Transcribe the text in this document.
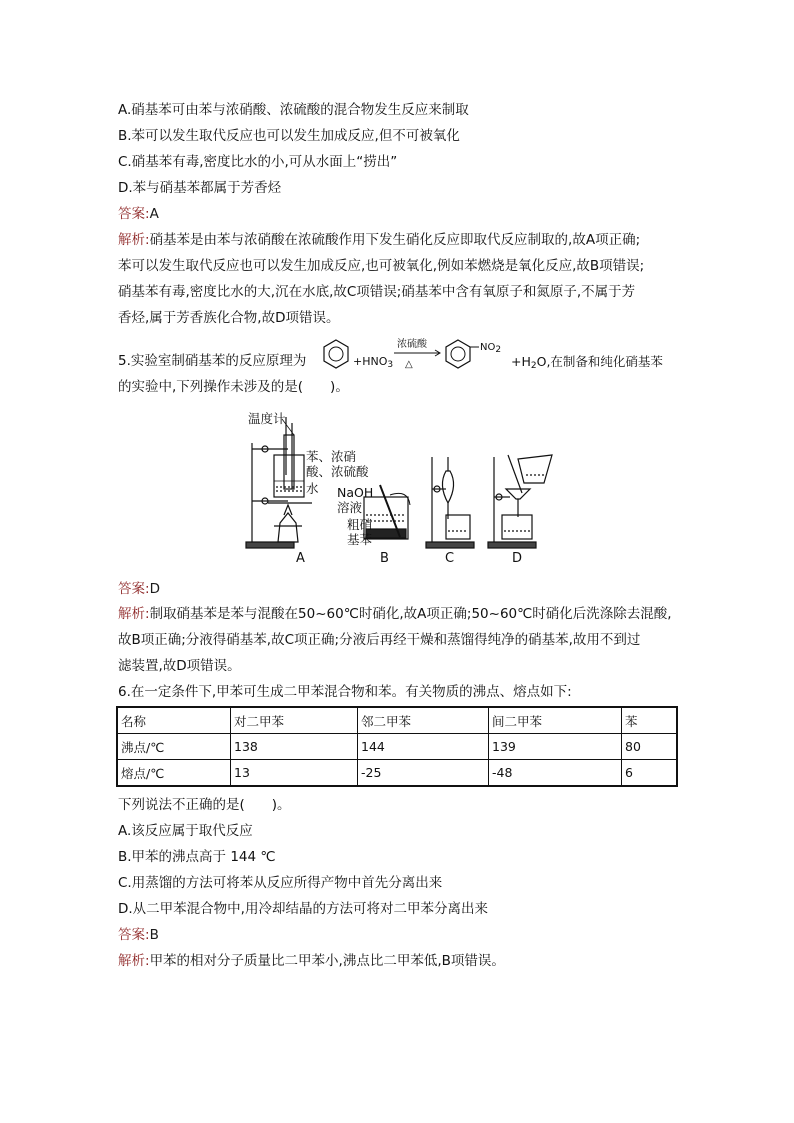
A.硝基苯可由苯与浓硝酸、浓硫酸的混合物发生反应来制取
B.苯可以发生取代反应也可以发生加成反应,但不可被氧化
C.硝基苯有毒,密度比水的小,可从水面上“捞出”
D.苯与硝基苯都属于芳香烃
答案:A
解析:硝基苯是由苯与浓硝酸在浓硫酸作用下发生硝化反应即取代反应制取的,故A项正确;
苯可以发生取代反应也可以发生加成反应,也可被氧化,例如苯燃烧是氧化反应,故B项错误;
硝基苯有毒,密度比水的大,沉在水底,故C项错误;硝基苯中含有氧原子和氮原子,不属于芳
香烃,属于芳香族化合物,故D项错误。
5.实验室制硝基苯的反应原理为	$+HNO_3$
浓硫酸
△
$NO_2$
$+H_2O$,在制备和纯化硝基苯
的实验中,下列操作未涉及的是(　　)。
温度计
苯、浓硝
酸、浓硫酸
水 NaOH
溶液
粗硝
基苯
A	B	C	D
答案:D
解析:制取硝基苯是苯与混酸在50~60℃时硝化,故A项正确;50~60℃时硝化后洗涤除去混酸,
故B项正确;分液得硝基苯,故C项正确;分液后再经干燥和蒸馏得纯净的硝基苯,故用不到过
滤装置,故D项错误。
6.在一定条件下,甲苯可生成二甲苯混合物和苯。有关物质的沸点、熔点如下:
名称	对二甲苯	邻二甲苯	间二甲苯	苯
沸点/℃	138	144	139	80
熔点/℃	13	-25	-48	6
下列说法不正确的是(　　)。
A.该反应属于取代反应
B.甲苯的沸点高于 144 ℃
C.用蒸馏的方法可将苯从反应所得产物中首先分离出来
D.从二甲苯混合物中,用冷却结晶的方法可将对二甲苯分离出来
答案:B
解析:甲苯的相对分子质量比二甲苯小,沸点比二甲苯低,B项错误。
